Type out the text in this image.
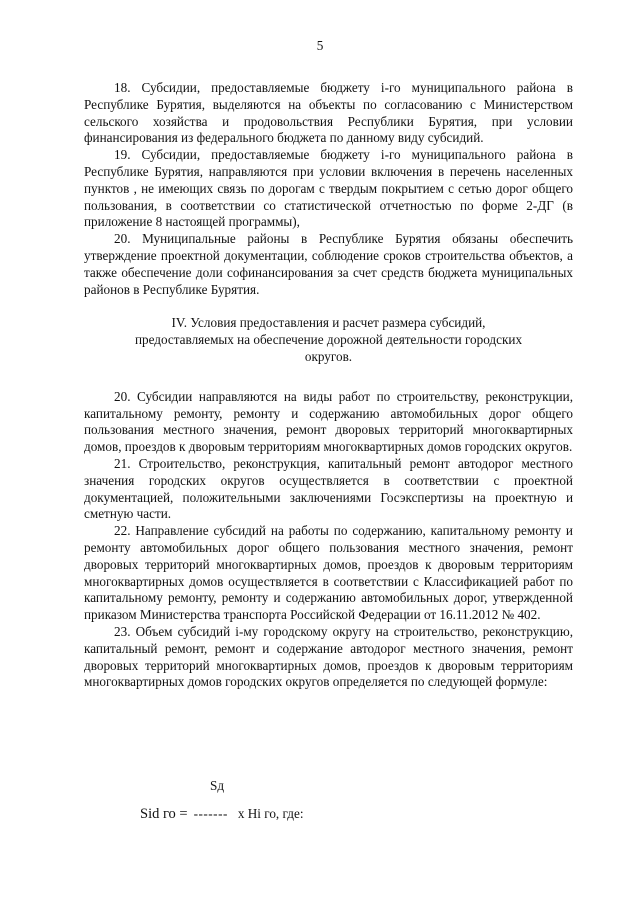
5

18. Субсидии, предоставляемые бюджету i-го муниципального района в Республике Бурятия, выделяются на объекты по согласованию с Министерством сельского хозяйства и продовольствия Республики Бурятия, при условии финансирования из федерального бюджета по данному виду субсидий.

19. Субсидии, предоставляемые бюджету i-го муниципального района в Республике Бурятия, направляются при условии включения в перечень населенных пунктов , не имеющих связь по дорогам с твердым покрытием с сетью дорог общего пользования, в соответствии со статистической отчетностью по форме 2-ДГ (в приложение 8 настоящей программы),

20. Муниципальные районы в Республике Бурятия обязаны обеспечить утверждение проектной документации, соблюдение сроков строительства объектов, а также обеспечение доли софинансирования за счет средств бюджета муниципальных районов в Республике Бурятия.

IV. Условия предоставления и расчет размера субсидий, предоставляемых на обеспечение дорожной деятельности городских округов.

20. Субсидии направляются на виды работ по строительству, реконструкции, капитальному ремонту, ремонту и содержанию автомобильных дорог общего пользования местного значения, ремонт дворовых территорий многоквартирных домов, проездов к дворовым территориям многоквартирных домов городских округов.

21. Строительство, реконструкция, капитальный ремонт автодорог местного значения городских округов осуществляется в соответствии с проектной документацией, положительными заключениями Госэкспертизы на проектную и сметную части.

22. Направление субсидий на работы по содержанию, капитальному ремонту и ремонту автомобильных дорог общего пользования местного значения, ремонт дворовых территорий многоквартирных домов, проездов к дворовым территориям многоквартирных домов осуществляется в соответствии с Классификацией работ по капитальному ремонту, ремонту и содержанию автомобильных дорог, утвержденной приказом Министерства транспорта Российской Федерации от 16.11.2012 № 402.

23. Объем субсидий i-му городскому округу на строительство, реконструкцию, капитальный ремонт, ремонт и содержание автодорог местного значения, ремонт дворовых территорий многоквартирных домов, проездов к дворовым территориям многоквартирных домов городских округов определяется по следующей формуле:

Sд
Sid го = ------- x Hi го, где:
